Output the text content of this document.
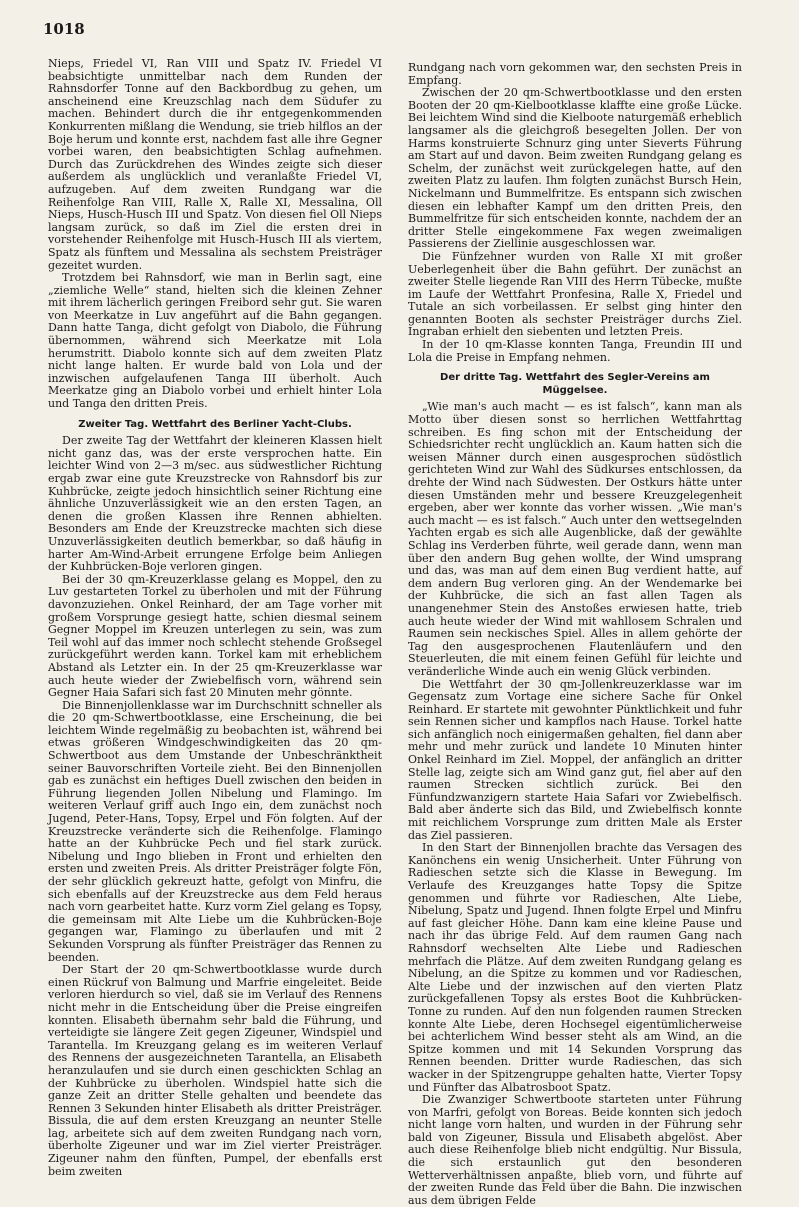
1018

Nieps, Friedel VI, Ran VIII und Spatz IV. Friedel VI beabsichtigte unmittelbar nach dem Runden der Rahnsdorfer Tonne auf den Backbordbug zu gehen, um anscheinend eine Kreuzschlag nach dem Südufer zu machen. Behindert durch die ihr entgegenkommenden Konkurrenten mißlang die Wendung, sie trieb hilflos an der Boje herum und konnte erst, nachdem fast alle ihre Gegner vorbei waren, den beabsichtigten Schlag aufnehmen. Durch das Zurückdrehen des Windes zeigte sich dieser außerdem als unglücklich und veranlaßte Friedel VI, aufzugeben. Auf dem zweiten Rundgang war die Reihenfolge Ran VIII, Ralle X, Ralle XI, Messalina, Oll Nieps, Husch-Husch III und Spatz. Von diesen fiel Oll Nieps langsam zurück, so daß im Ziel die ersten drei in vorstehender Reihenfolge mit Husch-Husch III als viertem, Spatz als fünftem und Messalina als sechstem Preisträger gezeitet wurden.

Trotzdem bei Rahnsdorf, wie man in Berlin sagt, eine „ziemliche Welle“ stand, hielten sich die kleinen Zehner mit ihrem lächerlich geringen Freibord sehr gut. Sie waren von Meerkatze in Luv angeführt auf die Bahn gegangen. Dann hatte Tanga, dicht gefolgt von Diabolo, die Führung übernommen, während sich Meerkatze mit Lola herumstritt. Diabolo konnte sich auf dem zweiten Platz nicht lange halten. Er wurde bald von Lola und der inzwischen aufgelaufenen Tanga III überholt. Auch Meerkatze ging an Diabolo vorbei und erhielt hinter Lola und Tanga den dritten Preis.

Zweiter Tag. Wettfahrt des Berliner Yacht-Clubs.

Der zweite Tag der Wettfahrt der kleineren Klassen hielt nicht ganz das, was der erste versprochen hatte. Ein leichter Wind von 2—3 m/sec. aus südwestlicher Richtung ergab zwar eine gute Kreuzstrecke von Rahnsdorf bis zur Kuhbrücke, zeigte jedoch hinsichtlich seiner Richtung eine ähnliche Unzuverlässigkeit wie an den ersten Tagen, an denen die großen Klassen ihre Rennen abhielten. Besonders am Ende der Kreuzstrecke machten sich diese Unzuverlässigkeiten deutlich bemerkbar, so daß häufig in harter Am-Wind-Arbeit errungene Erfolge beim Anliegen der Kuhbrücken-Boje verloren gingen.

Bei der 30 qm-Kreuzerklasse gelang es Moppel, den zu Luv gestarteten Torkel zu überholen und mit der Führung davonzuziehen. Onkel Reinhard, der am Tage vorher mit großem Vorsprunge gesiegt hatte, schien diesmal seinem Gegner Moppel im Kreuzen unterlegen zu sein, was zum Teil wohl auf das immer noch schlecht stehende Großsegel zurückgeführt werden kann. Torkel kam mit erheblichem Abstand als Letzter ein. In der 25 qm-Kreuzerklasse war auch heute wieder der Zwiebelfisch vorn, während sein Gegner Haia Safari sich fast 20 Minuten mehr gönnte.

Die Binnenjollenklasse war im Durchschnitt schneller als die 20 qm-Schwertbootklasse, eine Erscheinung, die bei leichtem Winde regelmäßig zu beobachten ist, während bei etwas größeren Windgeschwindigkeiten das 20 qm-Schwertboot aus dem Umstande der Unbeschränktheit seiner Bauvorschriften Vorteile zieht. Bei den Binnenjollen gab es zunächst ein heftiges Duell zwischen den beiden in Führung liegenden Jollen Nibelung und Flamingo. Im weiteren Verlauf griff auch Ingo ein, dem zunächst noch Jugend, Peter-Hans, Topsy, Erpel und Fön folgten. Auf der Kreuzstrecke veränderte sich die Reihenfolge. Flamingo hatte an der Kuhbrücke Pech und fiel stark zurück. Nibelung und Ingo blieben in Front und erhielten den ersten und zweiten Preis. Als dritter Preisträger folgte Fön, der sehr glücklich gekreuzt hatte, gefolgt von Minfru, die sich ebenfalls auf der Kreuzstrecke aus dem Feld heraus nach vorn gearbeitet hatte. Kurz vorm Ziel gelang es Topsy, die gemeinsam mit Alte Liebe um die Kuhbrücken-Boje gegangen war, Flamingo zu überlaufen und mit 2 Sekunden Vorsprung als fünfter Preisträger das Rennen zu beenden.

Der Start der 20 qm-Schwertbootklasse wurde durch einen Rückruf von Balmung und Marfrie eingeleitet. Beide verloren hierdurch so viel, daß sie im Verlauf des Rennens nicht mehr in die Entscheidung über die Preise eingreifen konnten. Elisabeth übernahm sehr bald die Führung, und verteidigte sie längere Zeit gegen Zigeuner, Windspiel und Tarantella. Im Kreuzgang gelang es im weiteren Verlauf des Rennens der ausgezeichneten Tarantella, an Elisabeth heranzulaufen und sie durch einen geschickten Schlag an der Kuhbrücke zu überholen. Windspiel hatte sich die ganze Zeit an dritter Stelle gehalten und beendete das Rennen 3 Sekunden hinter Elisabeth als dritter Preisträger. Bissula, die auf dem ersten Kreuzgang an neunter Stelle lag, arbeitete sich auf dem zweiten Rundgang nach vorn, überholte Zigeuner und war im Ziel vierter Preisträger. Zigeuner nahm den fünften, Pumpel, der ebenfalls erst beim zweiten

Rundgang nach vorn gekommen war, den sechsten Preis in Empfang.

Zwischen der 20 qm-Schwertbootklasse und den ersten Booten der 20 qm-Kielbootklasse klaffte eine große Lücke. Bei leichtem Wind sind die Kielboote naturgemäß erheblich langsamer als die gleichgroß besegelten Jollen. Der von Harms konstruierte Schnurz ging unter Sieverts Führung am Start auf und davon. Beim zweiten Rundgang gelang es Schelm, der zunächst weit zurückgelegen hatte, auf den zweiten Platz zu laufen. Ihm folgten zunächst Bursch Hein, Nickelmann und Bummelfritze. Es entspann sich zwischen diesen ein lebhafter Kampf um den dritten Preis, den Bummelfritze für sich entscheiden konnte, nachdem der an dritter Stelle eingekommene Fax wegen zweimaligen Passierens der Ziellinie ausgeschlossen war.

Die Fünfzehner wurden von Ralle XI mit großer Ueberlegenheit über die Bahn geführt. Der zunächst an zweiter Stelle liegende Ran VIII des Herrn Tübecke, mußte im Laufe der Wettfahrt Pronfesina, Ralle X, Friedel und Tutale an sich vorbeilassen. Er selbst ging hinter den genannten Booten als sechster Preisträger durchs Ziel. Ingraban erhielt den siebenten und letzten Preis.

In der 10 qm-Klasse konnten Tanga, Freundin III und Lola die Preise in Empfang nehmen.

Der dritte Tag. Wettfahrt des Segler-Vereins am Müggelsee.

„Wie man's auch macht — es ist falsch“, kann man als Motto über diesen sonst so herrlichen Wettfahrttag schreiben. Es fing schon mit der Entscheidung der Schiedsrichter recht unglücklich an. Kaum hatten sich die weisen Männer durch einen ausgesprochen südöstlich gerichteten Wind zur Wahl des Südkurses entschlossen, da drehte der Wind nach Südwesten. Der Ostkurs hätte unter diesen Umständen mehr und bessere Kreuzgelegenheit ergeben, aber wer konnte das vorher wissen. „Wie man's auch macht — es ist falsch.“ Auch unter den wettsegelnden Yachten ergab es sich alle Augenblicke, daß der gewählte Schlag ins Verderben führte, weil gerade dann, wenn man über den andern Bug gehen wollte, der Wind umsprang und das, was man auf dem einen Bug verdient hatte, auf dem andern Bug verloren ging. An der Wendemarke bei der Kuhbrücke, die sich an fast allen Tagen als unangenehmer Stein des Anstoßes erwiesen hatte, trieb auch heute wieder der Wind mit wahllosem Schralen und Raumen sein neckisches Spiel. Alles in allem gehörte der Tag den ausgesprochenen Flautenläufern und den Steuerleuten, die mit einem feinen Gefühl für leichte und veränderliche Winde auch ein wenig Glück verbinden.

Die Wettfahrt der 30 qm-Jollenkreuzerklasse war im Gegensatz zum Vortage eine sichere Sache für Onkel Reinhard. Er startete mit gewohnter Pünktlichkeit und fuhr sein Rennen sicher und kampflos nach Hause. Torkel hatte sich anfänglich noch einigermaßen gehalten, fiel dann aber mehr und mehr zurück und landete 10 Minuten hinter Onkel Reinhard im Ziel. Moppel, der anfänglich an dritter Stelle lag, zeigte sich am Wind ganz gut, fiel aber auf den raumen Strecken sichtlich zurück. Bei den Fünfundzwanzigern startete Haia Safari vor Zwiebelfisch. Bald aber änderte sich das Bild, und Zwiebelfisch konnte mit reichlichem Vorsprunge zum dritten Male als Erster das Ziel passieren.

In den Start der Binnenjollen brachte das Versagen des Kanönchens ein wenig Unsicherheit. Unter Führung von Radieschen setzte sich die Klasse in Bewegung. Im Verlaufe des Kreuzganges hatte Topsy die Spitze genommen und führte vor Radieschen, Alte Liebe, Nibelung, Spatz und Jugend. Ihnen folgte Erpel und Minfru auf fast gleicher Höhe. Dann kam eine kleine Pause und nach ihr das übrige Feld. Auf dem raumen Gang nach Rahnsdorf wechselten Alte Liebe und Radieschen mehrfach die Plätze. Auf dem zweiten Rundgang gelang es Nibelung, an die Spitze zu kommen und vor Radieschen, Alte Liebe und der inzwischen auf den vierten Platz zurückgefallenen Topsy als erstes Boot die Kuhbrücken-Tonne zu runden. Auf den nun folgenden raumen Strecken konnte Alte Liebe, deren Hochsegel eigentümlicherweise bei achterlichem Wind besser steht als am Wind, an die Spitze kommen und mit 14 Sekunden Vorsprung das Rennen beenden. Dritter wurde Radieschen, das sich wacker in der Spitzengruppe gehalten hatte, Vierter Topsy und Fünfter das Albatrosboot Spatz.

Die Zwanziger Schwertboote starteten unter Führung von Marfri, gefolgt von Boreas. Beide konnten sich jedoch nicht lange vorn halten, und wurden in der Führung sehr bald von Zigeuner, Bissula und Elisabeth abgelöst. Aber auch diese Reihenfolge blieb nicht endgültig. Nur Bissula, die sich erstaunlich gut den besonderen Wetterverhältnissen anpaßte, blieb vorn, und führte auf der zweiten Runde das Feld über die Bahn. Die inzwischen aus dem übrigen Felde
